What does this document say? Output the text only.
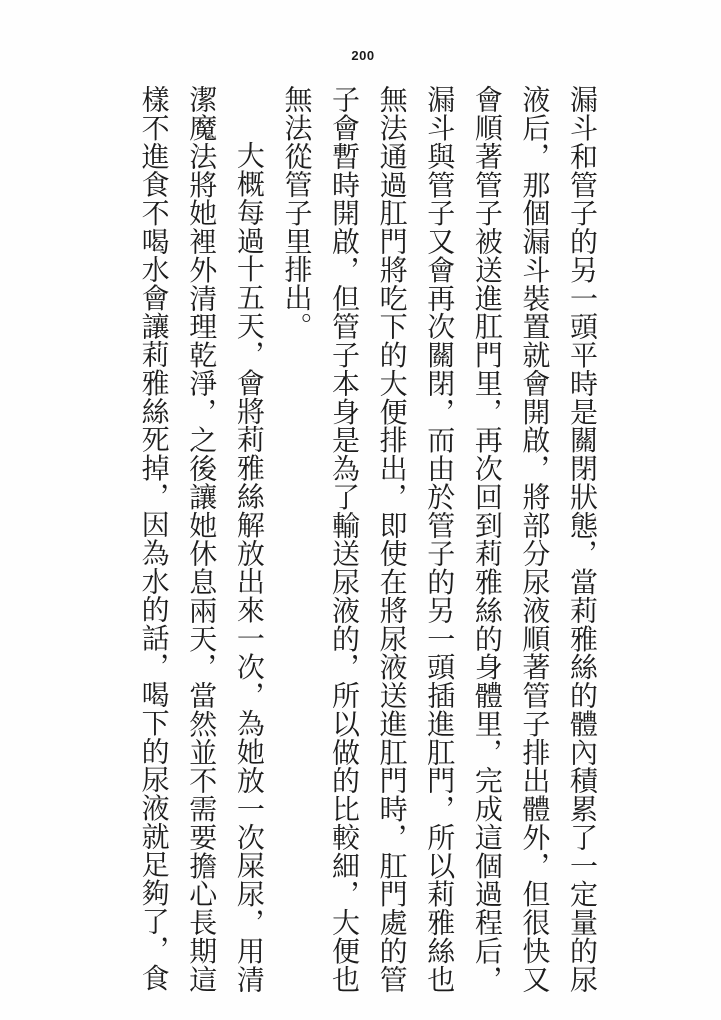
200

漏斗和管子的另一頭平時是關閉狀態，當莉雅絲的體內積累了一定量的尿液后，那個漏斗裝置就會開啟，將部分尿液順著管子排出體外，但很快又會順著管子被送進肛門里，再次回到莉雅絲的身體里，完成這個過程后，漏斗與管子又會再次關閉，而由於管子的另一頭插進肛門，所以莉雅絲也無法通過肛門將吃下的大便排出，即使在將尿液送進肛門時，肛門處的管子會暫時開啟，但管子本身是為了輸送尿液的，所以做的比較細，大便也無法從管子里排出。

大概每過十五天，會將莉雅絲解放出來一次，為她放一次屎尿，用清潔魔法將她裡外清理乾淨，之後讓她休息兩天，當然並不需要擔心長期這樣不進食不喝水會讓莉雅絲死掉，因為水的話，喝下的尿液就足夠了，食
